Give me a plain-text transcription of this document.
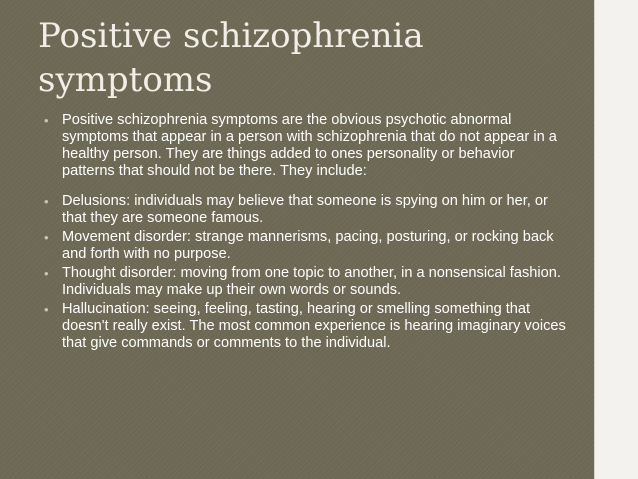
Positive schizophrenia symptoms
• Positive schizophrenia symptoms are the obvious psychotic abnormal symptoms that appear in a person with schizophrenia that do not appear in a healthy person. They are things added to ones personality or behavior patterns that should not be there. They include:
• Delusions: individuals may believe that someone is spying on him or her, or that they are someone famous.
• Movement disorder: strange mannerisms, pacing, posturing, or rocking back and forth with no purpose.
• Thought disorder: moving from one topic to another, in a nonsensical fashion. Individuals may make up their own words or sounds.
• Hallucination: seeing, feeling, tasting, hearing or smelling something that doesn't really exist. The most common experience is hearing imaginary voices that give commands or comments to the individual.
